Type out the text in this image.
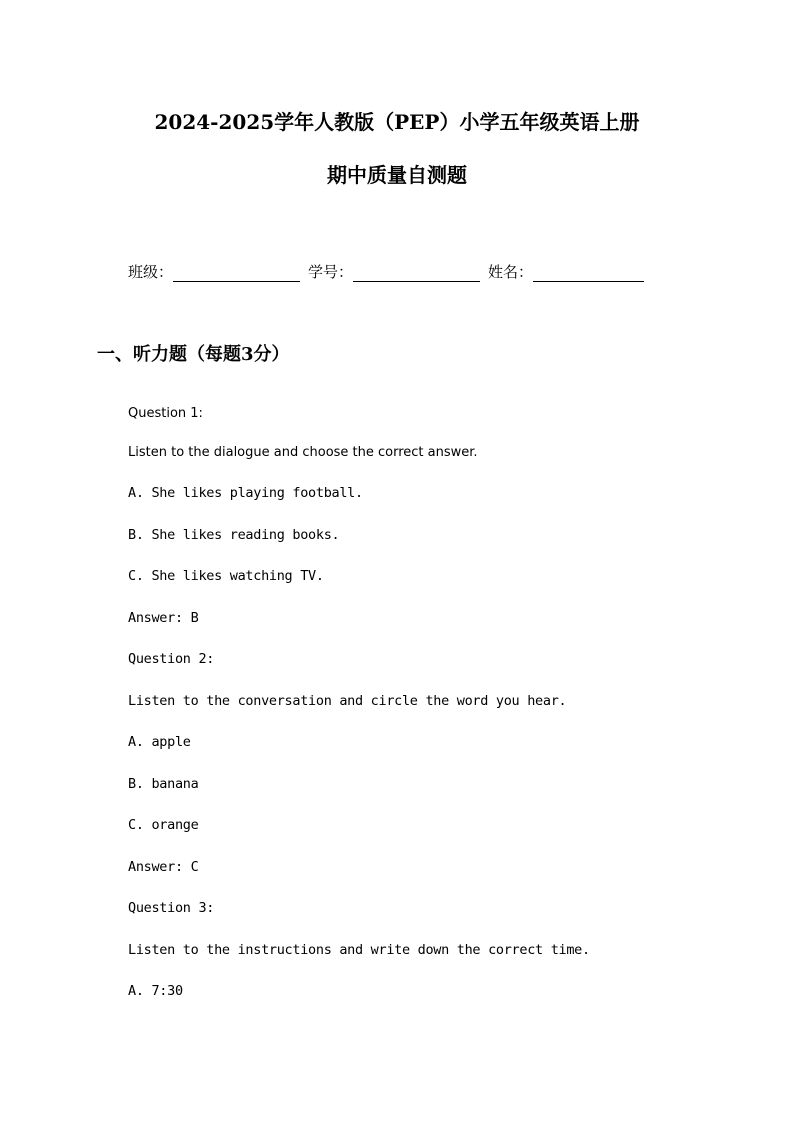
2024-2025学年人教版（PEP）小学五年级英语上册
期中质量自测题
班级：	学号：	姓名：
一、听力题（每题3分）
Question 1:
Listen to the dialogue and choose the correct answer.
A. She likes playing football.
B. She likes reading books.
C. She likes watching TV.
Answer: B
Question 2:
Listen to the conversation and circle the word you hear.
A. apple
B. banana
C. orange
Answer: C
Question 3:
Listen to the instructions and write down the correct time.
A. 7:30
